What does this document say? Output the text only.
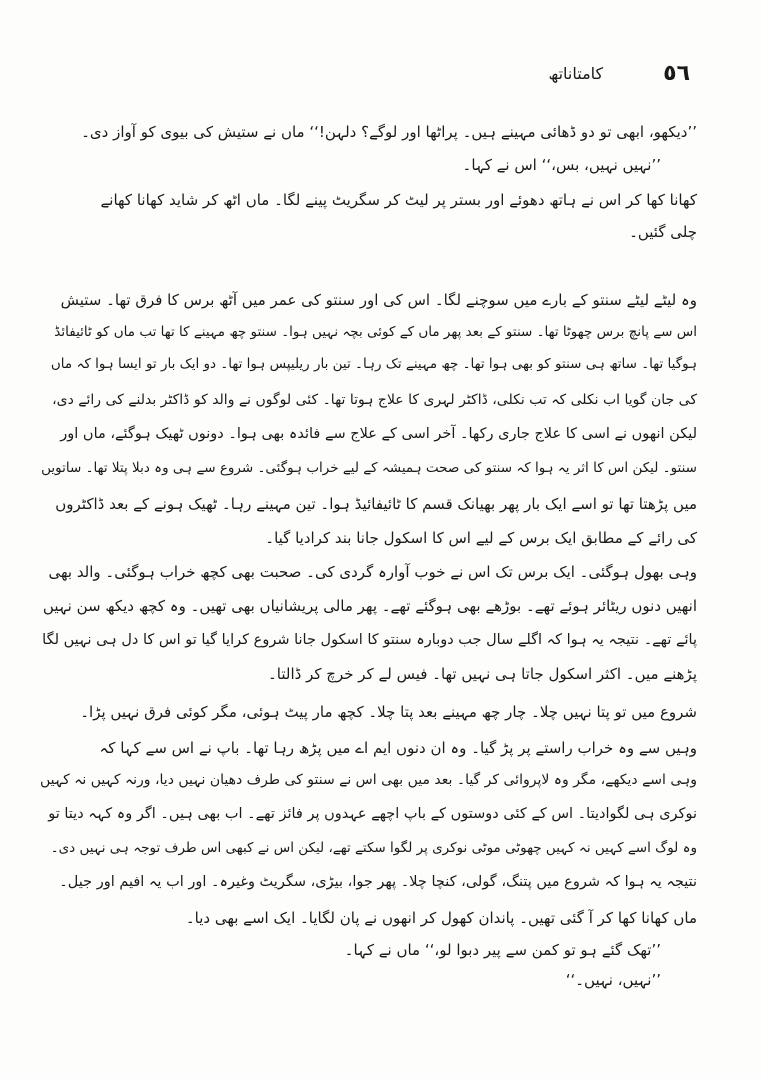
٥٦
کامتاناتھ
’’دیکھو، ابھی تو دو ڈھائی مہینے ہیں۔ پراٹھا اور لوگے؟ دلہن!‘‘ ماں نے ستیش کی بیوی کو آواز دی۔
’’نہیں نہیں، بس،‘‘ اس نے کہا۔
کھانا کھا کر اس نے ہاتھ دھوئے اور بستر پر لیٹ کر سگریٹ پینے لگا۔ ماں اٹھ کر شاید کھانا کھانے
چلی گئیں۔
وہ لیٹے لیٹے سنتو کے بارے میں سوچنے لگا۔ اس کی اور سنتو کی عمر میں آٹھ برس کا فرق تھا۔ ستیش
اس سے پانچ برس چھوٹا تھا۔ سنتو کے بعد پھر ماں کے کوئی بچہ نہیں ہوا۔ سنتو چھ مہینے کا تھا تب ماں کو ٹائیفائڈ
ہوگیا تھا۔ ساتھ ہی سنتو کو بھی ہوا تھا۔ چھ مہینے تک رہا۔ تین بار ریلیپس ہوا تھا۔ دو ایک بار تو ایسا ہوا کہ ماں
کی جان گویا اب نکلی کہ تب نکلی، ڈاکٹر لہری کا علاج ہوتا تھا۔ کئی لوگوں نے والد کو ڈاکٹر بدلنے کی رائے دی،
لیکن انھوں نے اسی کا علاج جاری رکھا۔ آخر اسی کے علاج سے فائدہ بھی ہوا۔ دونوں ٹھیک ہوگئے، ماں اور
سنتو۔ لیکن اس کا اثر یہ ہوا کہ سنتو کی صحت ہمیشہ کے لیے خراب ہوگئی۔ شروع سے ہی وہ دبلا پتلا تھا۔ ساتویں
میں پڑھتا تھا تو اسے ایک بار پھر بھیانک قسم کا ٹائیفائیڈ ہوا۔ تین مہینے رہا۔ ٹھیک ہونے کے بعد ڈاکٹروں
کی رائے کے مطابق ایک برس کے لیے اس کا اسکول جانا بند کرادیا گیا۔
وہی بھول ہوگئی۔ ایک برس تک اس نے خوب آوارہ گردی کی۔ صحبت بھی کچھ خراب ہوگئی۔ والد بھی
انھیں دنوں ریٹائر ہوئے تھے۔ بوڑھے بھی ہوگئے تھے۔ پھر مالی پریشانیاں بھی تھیں۔ وہ کچھ دیکھ سن نہیں
پائے تھے۔ نتیجہ یہ ہوا کہ اگلے سال جب دوبارہ سنتو کا اسکول جانا شروع کرایا گیا تو اس کا دل ہی نہیں لگا
پڑھنے میں۔ اکثر اسکول جاتا ہی نہیں تھا۔ فیس لے کر خرچ کر ڈالتا۔
شروع میں تو پتا نہیں چلا۔ چار چھ مہینے بعد پتا چلا۔ کچھ مار پیٹ ہوئی، مگر کوئی فرق نہیں پڑا۔
وہیں سے وہ خراب راستے پر پڑ گیا۔ وہ ان دنوں ایم اے میں پڑھ رہا تھا۔ باپ نے اس سے کہا کہ
وہی اسے دیکھے، مگر وہ لاپروائی کر گیا۔ بعد میں بھی اس نے سنتو کی طرف دھیان نہیں دیا، ورنہ کہیں نہ کہیں
نوکری ہی لگوادیتا۔ اس کے کئی دوستوں کے باپ اچھے عہدوں پر فائز تھے۔ اب بھی ہیں۔ اگر وہ کہہ دیتا تو
وہ لوگ اسے کہیں نہ کہیں چھوٹی موٹی نوکری پر لگوا سکتے تھے، لیکن اس نے کبھی اس طرف توجہ ہی نہیں دی۔
نتیجہ یہ ہوا کہ شروع میں پتنگ، گولی، کنچا چلا۔ پھر جوا، بیڑی، سگریٹ وغیرہ۔ اور اب یہ افیم اور جیل۔
ماں کھانا کھا کر آ گئی تھیں۔ پاندان کھول کر انھوں نے پان لگایا۔ ایک اسے بھی دیا۔
’’تھک گئے ہو تو کمن سے پیر دبوا لو،‘‘ ماں نے کہا۔
’’نہیں، نہیں۔‘‘
